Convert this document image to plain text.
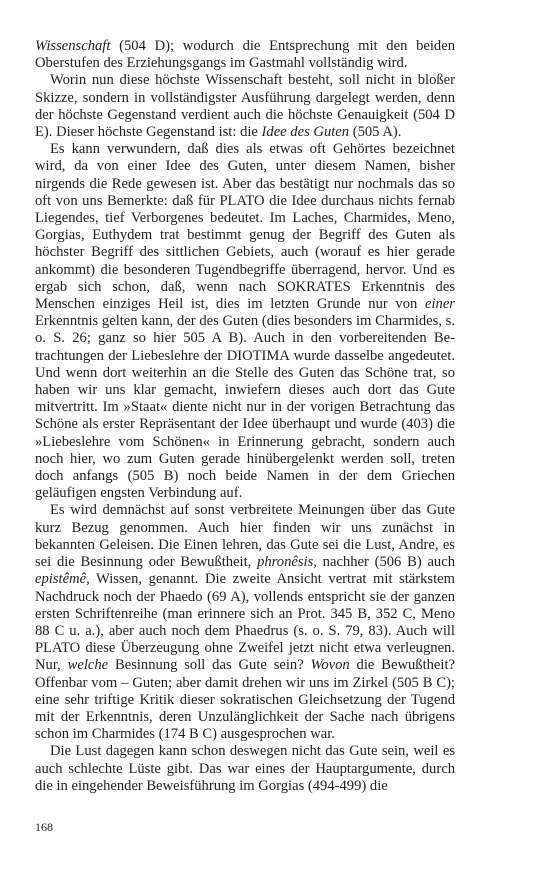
Wissenschaft (504 D); wodurch die Entsprechung mit den beiden Oberstufen des Erziehungsgangs im Gastmahl vollständig wird.

Worin nun diese höchste Wissenschaft besteht, soll nicht in bloßer Skizze, sondern in vollständigster Ausführung dargelegt werden, denn der höchste Gegenstand verdient auch die höchste Genauigkeit (504 D E). Dieser höchste Gegenstand ist: die Idee des Guten (505 A).

Es kann verwundern, daß dies als etwas oft Gehörtes bezeichnet wird, da von einer Idee des Guten, unter diesem Namen, bisher nirgends die Rede gewesen ist. Aber das bestätigt nur nochmals das so oft von uns Bemerkte: daß für PLATO die Idee durchaus nichts fernab Liegendes, tief Verborgenes bedeutet. Im Laches, Charmides, Meno, Gorgias, Euthydem trat bestimmt genug der Begriff des Guten als höchster Begriff des sittlichen Gebiets, auch (worauf es hier gerade ankommt) die besonderen Tugendbegriffe überragend, hervor. Und es ergab sich schon, daß, wenn nach SOKRATES Erkenntnis des Menschen einziges Heil ist, dies im letzten Grunde nur von einer Erkenntnis gelten kann, der des Guten (dies besonders im Charmides, s. o. S. 26; ganz so hier 505 A B). Auch in den vorbereitenden Betrachtungen der Liebeslehre der DIOTIMA wurde dasselbe angedeutet. Und wenn dort weiterhin an die Stelle des Guten das Schöne trat, so haben wir uns klar gemacht, inwiefern dieses auch dort das Gute mitvertritt. Im »Staat« diente nicht nur in der vorigen Betrachtung das Schöne als erster Repräsentant der Idee überhaupt und wurde (403) die »Liebeslehre vom Schönen« in Erinnerung gebracht, sondern auch noch hier, wo zum Guten gerade hinübergelenkt werden soll, treten doch anfangs (505 B) noch beide Namen in der dem Griechen geläufigen engsten Verbindung auf.

Es wird demnächst auf sonst verbreitete Meinungen über das Gute kurz Bezug genommen. Auch hier finden wir uns zunächst in bekannten Geleisen. Die Einen lehren, das Gute sei die Lust, Andre, es sei die Besinnung oder Bewußtheit, phronêsis, nachher (506 B) auch epistêmê, Wissen, genannt. Die zweite Ansicht vertrat mit stärkstem Nachdruck noch der Phaedo (69 A), vollends entspricht sie der ganzen ersten Schriftenreihe (man erinnere sich an Prot. 345 B, 352 C, Meno 88 C u. a.), aber auch noch dem Phaedrus (s. o. S. 79, 83). Auch will PLATO diese Überzeugung ohne Zweifel jetzt nicht etwa verleugnen. Nur, welche Besinnung soll das Gute sein? Wovon die Bewußtheit? Offenbar vom – Guten; aber damit drehen wir uns im Zirkel (505 B C); eine sehr triftige Kritik dieser sokratischen Gleichsetzung der Tugend mit der Erkenntnis, deren Unzulänglichkeit der Sache nach übrigens schon im Charmides (174 B C) ausgesprochen war.

Die Lust dagegen kann schon deswegen nicht das Gute sein, weil es auch schlechte Lüste gibt. Das war eines der Hauptargumente, durch die in eingehender Beweisführung im Gorgias (494-499) die

168
